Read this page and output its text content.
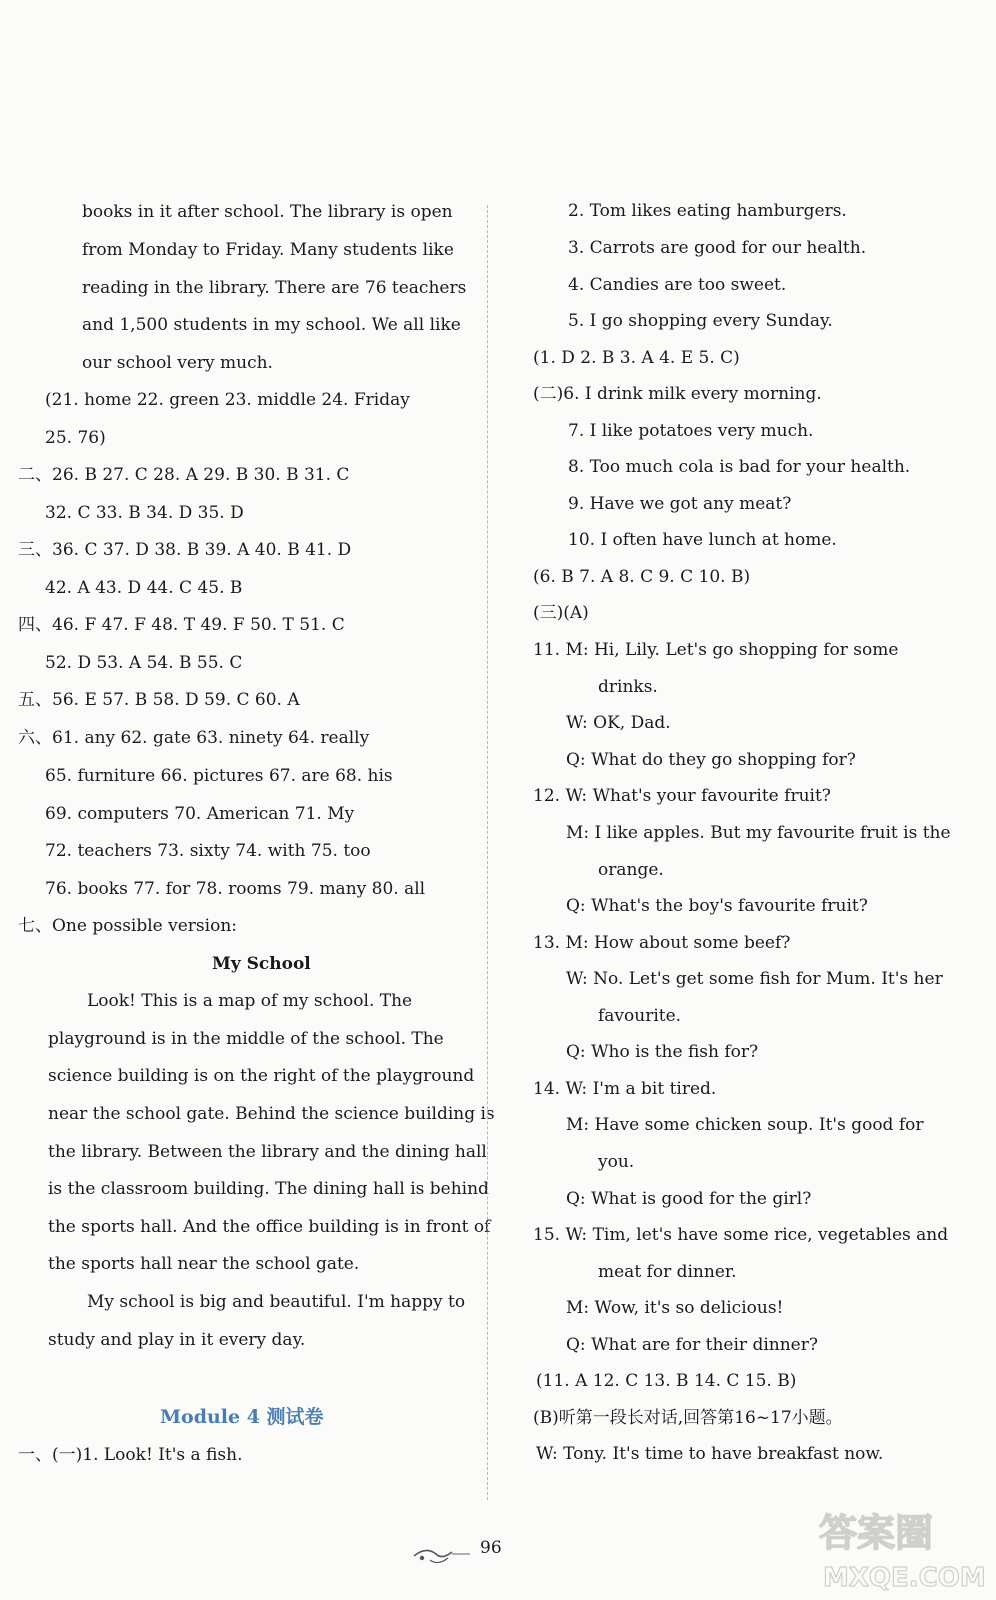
books in it after school. The library is open
from Monday to Friday. Many students like
reading in the library. There are 76 teachers
and 1,500 students in my school. We all like
our school very much.
(21. home 22. green 23. middle 24. Friday
25. 76)
二、26. B 27. C 28. A 29. B 30. B 31. C
32. C 33. B 34. D 35. D
三、36. C 37. D 38. B 39. A 40. B 41. D
42. A 43. D 44. C 45. B
四、46. F 47. F 48. T 49. F 50. T 51. C
52. D 53. A 54. B 55. C
五、56. E 57. B 58. D 59. C 60. A
六、61. any 62. gate 63. ninety 64. really
65. furniture 66. pictures 67. are 68. his
69. computers 70. American 71. My
72. teachers 73. sixty 74. with 75. too
76. books 77. for 78. rooms 79. many 80. all
七、One possible version:
My School
Look! This is a map of my school. The
playground is in the middle of the school. The
science building is on the right of the playground
near the school gate. Behind the science building is
the library. Between the library and the dining hall
is the classroom building. The dining hall is behind
the sports hall. And the office building is in front of
the sports hall near the school gate.
My school is big and beautiful. I'm happy to
study and play in it every day.
Module 4 测试卷
一、(一)1. Look! It's a fish.
2. Tom likes eating hamburgers.
3. Carrots are good for our health.
4. Candies are too sweet.
5. I go shopping every Sunday.
(1. D 2. B 3. A 4. E 5. C)
(二)6. I drink milk every morning.
7. I like potatoes very much.
8. Too much cola is bad for your health.
9. Have we got any meat?
10. I often have lunch at home.
(6. B 7. A 8. C 9. C 10. B)
(三)(A)
11. M: Hi, Lily. Let's go shopping for some
drinks.
W: OK, Dad.
Q: What do they go shopping for?
12. W: What's your favourite fruit?
M: I like apples. But my favourite fruit is the
orange.
Q: What's the boy's favourite fruit?
13. M: How about some beef?
W: No. Let's get some fish for Mum. It's her
favourite.
Q: Who is the fish for?
14. W: I'm a bit tired.
M: Have some chicken soup. It's good for
you.
Q: What is good for the girl?
15. W: Tim, let's have some rice, vegetables and
meat for dinner.
M: Wow, it's so delicious!
Q: What are for their dinner?
(11. A 12. C 13. B 14. C 15. B)
(B)听第一段长对话,回答第16~17小题。
W: Tony. It's time to have breakfast now.
96	答案圈
MXQE.COM
